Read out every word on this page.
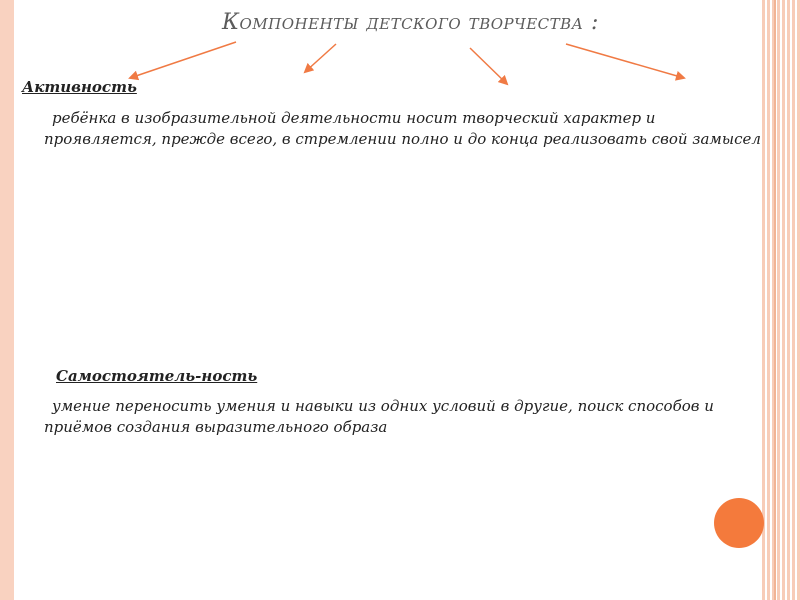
Компоненты детского творчества :
Активность
ребёнка в изобразительной деятельности носит творческий характер и проявляется, прежде всего, в стремлении полно и до конца реализовать свой замысел
Самостоятель-ность
умение переносить умения и навыки из одних условий в другие, поиск способов и приёмов создания выразительного образа
